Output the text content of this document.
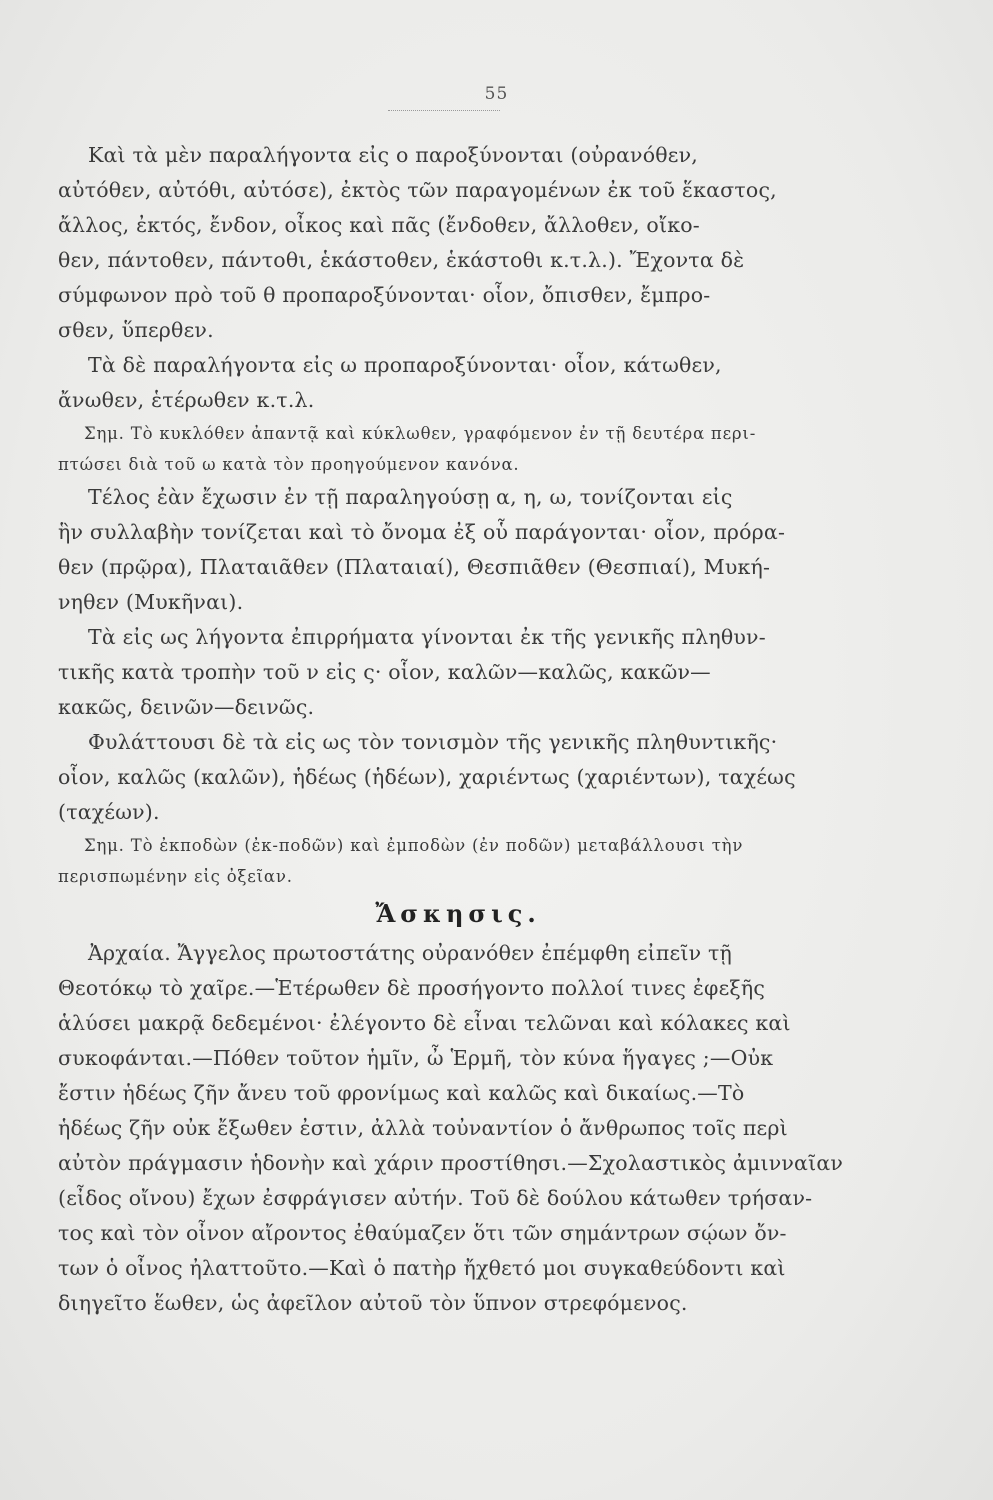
55
Καὶ τὰ μὲν παραλήγοντα εἰς ο παροξύνονται (οὐρανόθεν,
αὐτόθεν, αὐτόθι, αὐτόσε), ἐκτὸς τῶν παραγομένων ἐκ τοῦ ἕκαστος,
ἄλλος, ἐκτός, ἔνδον, οἶκος καὶ πᾶς (ἔνδοθεν, ἄλλοθεν, οἴκο-
θεν, πάντοθεν, πάντοθι, ἑκάστοθεν, ἑκάστοθι κ.τ.λ.). Ἔχοντα δὲ
σύμφωνον πρὸ τοῦ θ προπαροξύνονται· οἷον, ὄπισθεν, ἔμπρο-
σθεν, ὕπερθεν.
Τὰ δὲ παραλήγοντα εἰς ω προπαροξύνονται· οἷον, κάτωθεν,
ἄνωθεν, ἑτέρωθεν κ.τ.λ.
Σημ. Τὸ κυκλόθεν ἀπαντᾷ καὶ κύκλωθεν, γραφόμενον ἐν τῇ δευτέρα περι-
πτώσει διὰ τοῦ ω κατὰ τὸν προηγούμενον κανόνα.
Τέλος ἐὰν ἔχωσιν ἐν τῇ παραληγούσῃ α, η, ω, τονίζονται εἰς
ἣν συλλαβὴν τονίζεται καὶ τὸ ὄνομα ἐξ οὗ παράγονται· οἷον, πρόρα-
θεν (πρῷρα), Πλαταιᾶθεν (Πλαταιαί), Θεσπιᾶθεν (Θεσπιαί), Μυκή-
νηθεν (Μυκῆναι).
Τὰ εἰς ως λήγοντα ἐπιρρήματα γίνονται ἐκ τῆς γενικῆς πληθυν-
τικῆς κατὰ τροπὴν τοῦ ν εἰς ς· οἷον, καλῶν—καλῶς, κακῶν—
κακῶς, δεινῶν—δεινῶς.
Φυλάττουσι δὲ τὰ εἰς ως τὸν τονισμὸν τῆς γενικῆς πληθυντικῆς·
οἷον, καλῶς (καλῶν), ἡδέως (ἡδέων), χαριέντως (χαριέντων), ταχέως
(ταχέων).
Σημ. Τὸ ἐκποδὼν (ἐκ-ποδῶν) καὶ ἐμποδὼν (ἐν ποδῶν) μεταβάλλουσι τὴν
περισπωμένην εἰς ὀξεῖαν.
Ἄσκησις.
Ἀρχαία. Ἄγγελος πρωτοστάτης οὐρανόθεν ἐπέμφθη εἰπεῖν τῇ
Θεοτόκῳ τὸ χαῖρε.—Ἑτέρωθεν δὲ προσήγοντο πολλοί τινες ἐφεξῆς
ἁλύσει μακρᾷ δεδεμένοι· ἐλέγοντο δὲ εἶναι τελῶναι καὶ κόλακες καὶ
συκοφάνται.—Πόθεν τοῦτον ἡμῖν, ὦ Ἑρμῆ, τὸν κύνα ἥγαγες ;—Οὐκ
ἔστιν ἡδέως ζῆν ἄνευ τοῦ φρονίμως καὶ καλῶς καὶ δικαίως.—Τὸ
ἡδέως ζῆν οὐκ ἔξωθεν ἐστιν, ἀλλὰ τοὐναντίον ὁ ἄνθρωπος τοῖς περὶ
αὐτὸν πράγμασιν ἡδονὴν καὶ χάριν προστίθησι.—Σχολαστικὸς ἀμινναῖαν
(εἶδος οἴνου) ἔχων ἐσφράγισεν αὐτήν. Τοῦ δὲ δούλου κάτωθεν τρήσαν-
τος καὶ τὸν οἶνον αἴροντος ἐθαύμαζεν ὅτι τῶν σημάντρων σῴων ὄν-
των ὁ οἶνος ἠλαττοῦτο.—Καὶ ὁ πατὴρ ἤχθετό μοι συγκαθεύδοντι καὶ
διηγεῖτο ἕωθεν, ὡς ἀφεῖλον αὐτοῦ τὸν ὕπνον στρεφόμενος.
